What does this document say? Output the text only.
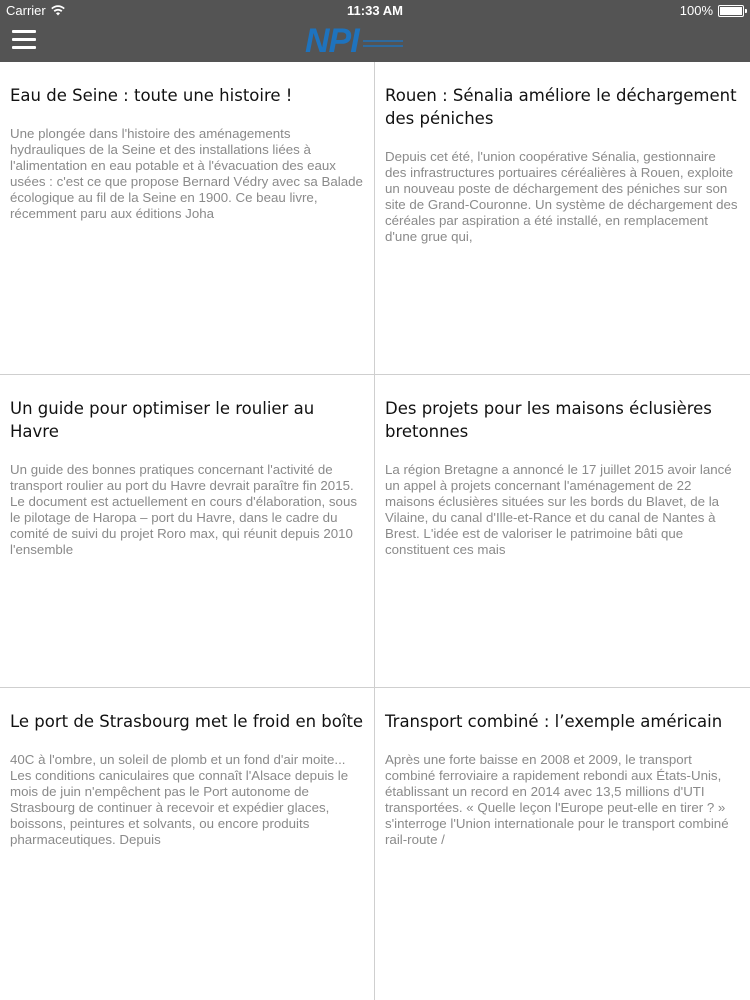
Carrier	11:33 AM	100%
NPI

Eau de Seine : toute une histoire !

Une plongée dans l'histoire des aménagements hydrauliques de la Seine et des installations liées à l'alimentation en eau potable et à l'évacuation des eaux usées : c'est ce que propose Bernard Védry avec sa Balade écologique au fil de la Seine en 1900. Ce beau livre, récemment paru aux éditions Joha

Rouen : Sénalia améliore le déchargement des péniches

Depuis cet été, l'union coopérative Sénalia, gestionnaire des infrastructures portuaires céréalières à Rouen, exploite un nouveau poste de déchargement des péniches sur son site de Grand-Couronne. Un système de déchargement des céréales par aspiration a été installé, en remplacement d'une grue qui,

Un guide pour optimiser le roulier au Havre

Un guide des bonnes pratiques concernant l'activité de transport roulier au port du Havre devrait paraître fin 2015. Le document est actuellement en cours d'élaboration, sous le pilotage de Haropa – port du Havre, dans le cadre du comité de suivi du projet Roro max, qui réunit depuis 2010 l'ensemble

Des projets pour les maisons éclusières bretonnes

La région Bretagne a annoncé le 17 juillet 2015 avoir lancé un appel à projets concernant l'aménagement de 22 maisons éclusières situées sur les bords du Blavet, de la Vilaine, du canal d'Ille-et-Rance et du canal de Nantes à Brest. L'idée est de valoriser le patrimoine bâti que constituent ces mais

Le port de Strasbourg met le froid en boîte

40C à l'ombre, un soleil de plomb et un fond d'air moite... Les conditions caniculaires que connaît l'Alsace depuis le mois de juin n'empêchent pas le Port autonome de Strasbourg de continuer à recevoir et expédier glaces, boissons, peintures et solvants, ou encore produits pharmaceutiques. Depuis

Transport combiné : l’exemple américain

Après une forte baisse en 2008 et 2009, le transport combiné ferroviaire a rapidement rebondi aux États-Unis, établissant un record en 2014 avec 13,5 millions d'UTI transportées. « Quelle leçon l'Europe peut-elle en tirer ? » s'interroge l'Union internationale pour le transport combiné rail-route /
